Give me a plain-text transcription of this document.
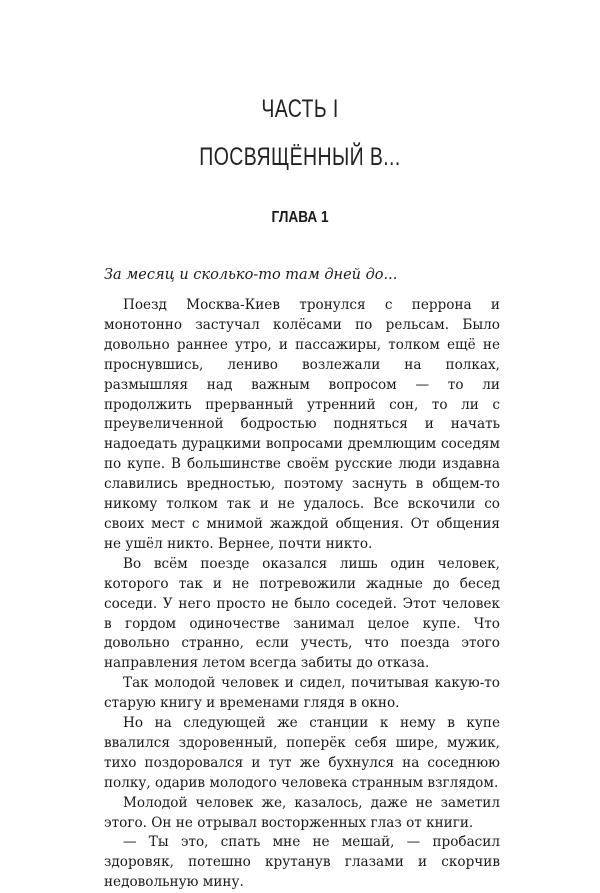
ЧАСТЬ I
ПОСВЯЩЁННЫЙ В...
ГЛАВА 1
За месяц и сколько-то там дней до...

Поезд Москва-Киев тронулся с перрона и монотонно застучал колёсами по рельсам. Было довольно раннее утро, и пассажиры, толком ещё не проснувшись, лениво возлежали на полках, размышляя над важным вопросом — то ли продолжить прерванный утренний сон, то ли с преувеличенной бодростью подняться и начать надоедать дурацкими вопросами дремлющим соседям по купе. В большинстве своём русские люди издавна славились вредностью, поэтому заснуть в общем-то никому толком так и не удалось. Все вскочили со своих мест с мнимой жаждой общения. От общения не ушёл никто. Вернее, почти никто.

Во всём поезде оказался лишь один человек, которого так и не потревожили жадные до бесед соседи. У него просто не было соседей. Этот человек в гордом одиночестве занимал целое купе. Что довольно странно, если учесть, что поезда этого направления летом всегда забиты до отказа.

Так молодой человек и сидел, почитывая какую-то старую книгу и временами глядя в окно.

Но на следующей же станции к нему в купе ввалился здоровенный, поперёк себя шире, мужик, тихо поздоровался и тут же бухнулся на соседнюю полку, одарив молодого человека странным взглядом.

Молодой человек же, казалось, даже не заметил этого. Он не отрывал восторженных глаз от книги.

— Ты это, спать мне не мешай, — пробасил здоровяк, потешно крутанув глазами и скорчив недовольную мину.
